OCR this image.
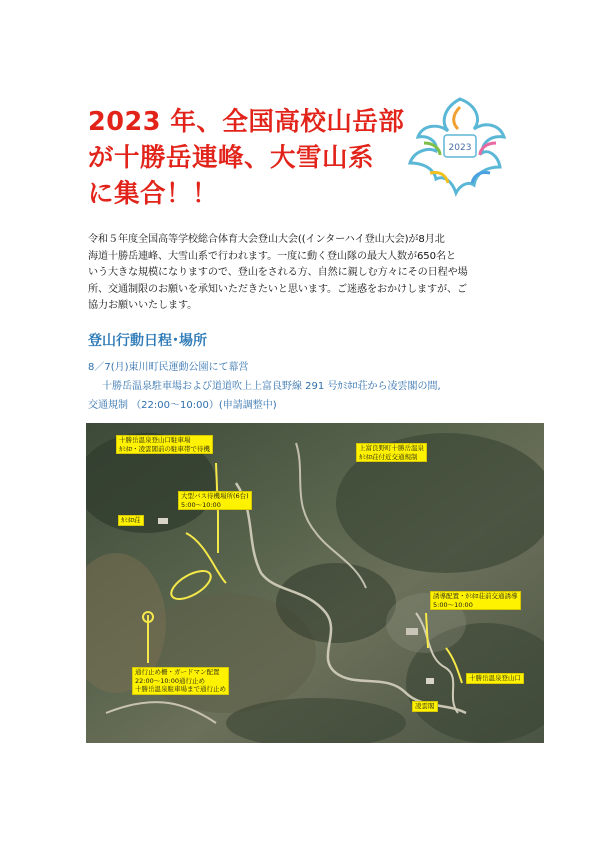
2023 年、全国高校山岳部
が十勝岳連峰、大雪山系
に集合！！
2023
令和５年度全国高等学校総合体育大会登山大会((インターハイ登山大会)が8月北
海道十勝岳連峰、大雪山系で行われます。一度に動く登山隊の最大人数が650名と
いう大きな規模になりますので、登山をされる方、自然に親しむ方々にその日程や場
所、交通制限のお願いを承知いただきたいと思います。ご迷惑をおかけしますが、ご
協力お願いいたします。
登山行動日程･場所
8／7(月)東川町民運動公園にて幕営
十勝岳温泉駐車場および道道吹上上富良野線 291 号ｶﾐﾎﾛ荘から凌雲閣の間,
交通規制 （22:00～10:00）(申請調整中)
十勝岳温泉登山口駐車場
ｶﾐﾎﾛ・凌雲閣前の駐車帯で待機	上富良野町十勝岳温泉
ｶﾐﾎﾛ荘付近交通規制
ｶﾐﾎﾛ荘
大型バス待機場所(6台)
5:00～10:00
誘導配置・ｶﾐﾎﾛ荘前交通誘導
5:00～10:00
通行止め柵・ガードマン配置
22:00～10:00通行止め
十勝岳温泉駐車場まで通行止め
十勝岳温泉登山口
凌雲閣
